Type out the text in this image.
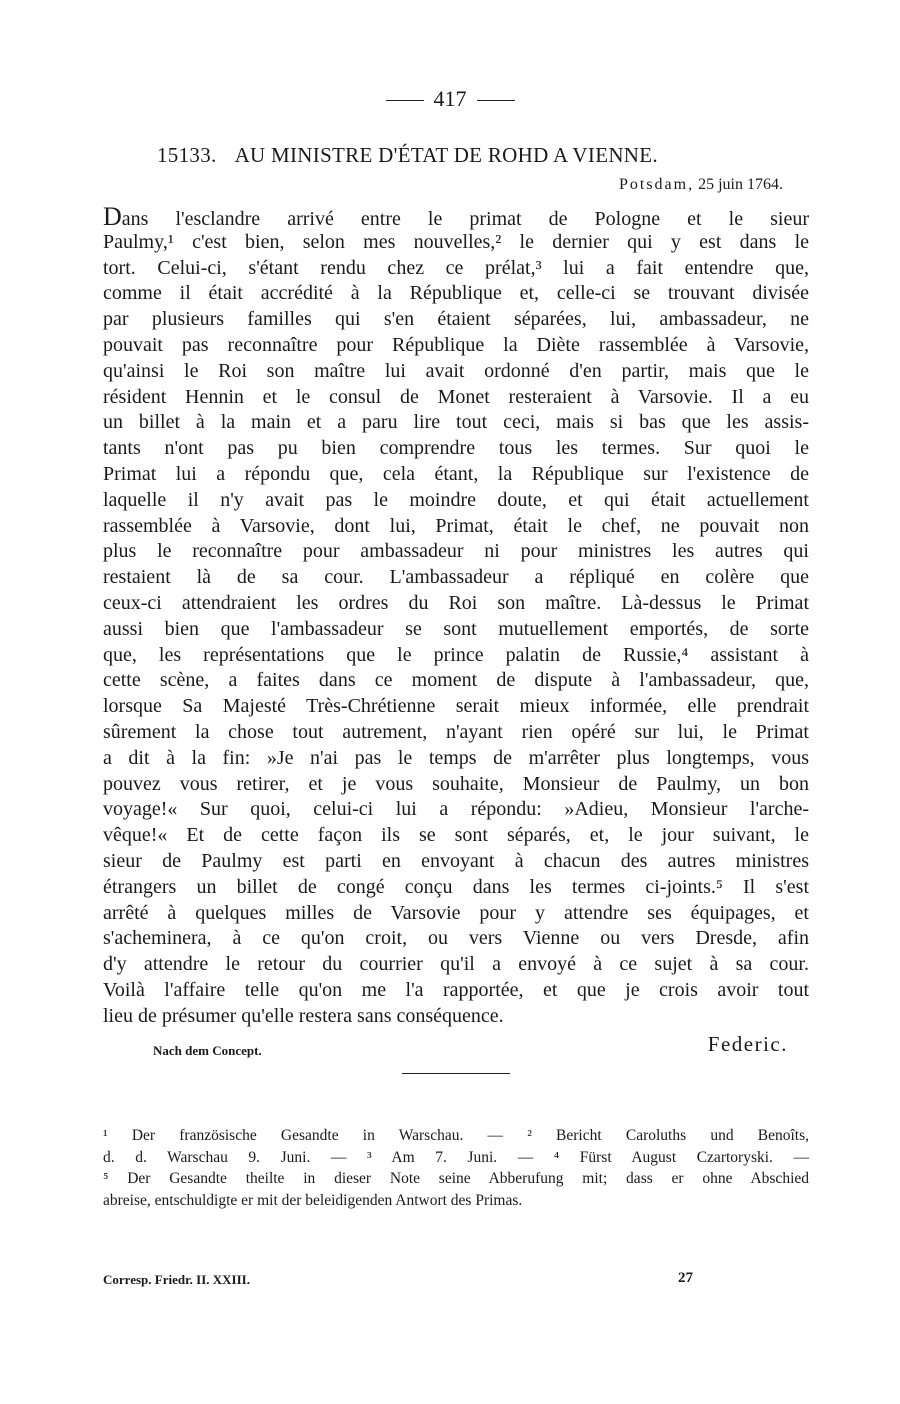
417
15133. AU MINISTRE D'ÉTAT DE ROHD A VIENNE.
Potsdam, 25 juin 1764.
Dans l'esclandre arrivé entre le primat de Pologne et le sieur
Paulmy,¹ c'est bien, selon mes nouvelles,² le dernier qui y est dans le
tort. Celui-ci, s'étant rendu chez ce prélat,³ lui a fait entendre que,
comme il était accrédité à la République et, celle-ci se trouvant divisée
par plusieurs familles qui s'en étaient séparées, lui, ambassadeur, ne
pouvait pas reconnaître pour République la Diète rassemblée à Varsovie,
qu'ainsi le Roi son maître lui avait ordonné d'en partir, mais que le
résident Hennin et le consul de Monet resteraient à Varsovie. Il a eu
un billet à la main et a paru lire tout ceci, mais si bas que les assis-
tants n'ont pas pu bien comprendre tous les termes. Sur quoi le
Primat lui a répondu que, cela étant, la République sur l'existence de
laquelle il n'y avait pas le moindre doute, et qui était actuellement
rassemblée à Varsovie, dont lui, Primat, était le chef, ne pouvait non
plus le reconnaître pour ambassadeur ni pour ministres les autres qui
restaient là de sa cour. L'ambassadeur a répliqué en colère que
ceux-ci attendraient les ordres du Roi son maître. Là-dessus le Primat
aussi bien que l'ambassadeur se sont mutuellement emportés, de sorte
que, les représentations que le prince palatin de Russie,⁴ assistant à
cette scène, a faites dans ce moment de dispute à l'ambassadeur, que,
lorsque Sa Majesté Très-Chrétienne serait mieux informée, elle prendrait
sûrement la chose tout autrement, n'ayant rien opéré sur lui, le Primat
a dit à la fin: »Je n'ai pas le temps de m'arrêter plus longtemps, vous
pouvez vous retirer, et je vous souhaite, Monsieur de Paulmy, un bon
voyage!« Sur quoi, celui-ci lui a répondu: »Adieu, Monsieur l'arche-
vêque!« Et de cette façon ils se sont séparés, et, le jour suivant, le
sieur de Paulmy est parti en envoyant à chacun des autres ministres
étrangers un billet de congé conçu dans les termes ci-joints.⁵ Il s'est
arrêté à quelques milles de Varsovie pour y attendre ses équipages, et
s'acheminera, à ce qu'on croit, ou vers Vienne ou vers Dresde, afin
d'y attendre le retour du courrier qu'il a envoyé à ce sujet à sa cour.
Voilà l'affaire telle qu'on me l'a rapportée, et que je crois avoir tout
lieu de présumer qu'elle restera sans conséquence.
Nach dem Concept.	Federic.
¹ Der französische Gesandte in Warschau. — ² Bericht Caroluths und Benoîts,
d. d. Warschau 9. Juni. — ³ Am 7. Juni. — ⁴ Fürst August Czartoryski. —
⁵ Der Gesandte theilte in dieser Note seine Abberufung mit; dass er ohne Abschied
abreise, entschuldigte er mit der beleidigenden Antwort des Primas.
Corresp. Friedr. II. XXIII.	27
